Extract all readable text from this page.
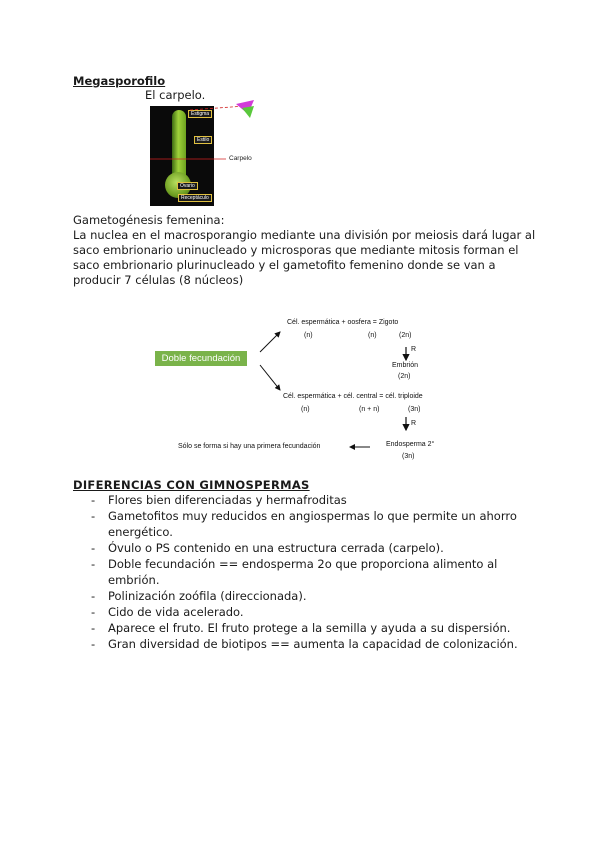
Megasporofilo
El carpelo.
Estigma
Estilo
Ovario
Receptáculo
Carpelo
Gametogénesis femenina:
La nuclea en el macrosporangio mediante una división por meiosis dará lugar al
saco embrionario uninucleado y microsporas que mediante mitosis forman el
saco embrionario plurinucleado y el gametofito femenino donde se van a
producir 7 células (8 núcleos)
Doble fecundación
Cél. espermática + oosfera = Zigoto
(n)	(n)	(2n)
R
Embrión
(2n)
Cél. espermática + cél. central = cél. triploide
(n)	(n + n)	(3n)
R
Endosperma 2°
(3n)
Sólo se forma si hay una primera fecundación
DIFERENCIAS CON GIMNOSPERMAS
- Flores bien diferenciadas y hermafroditas
- Gametofitos muy reducidos en angiospermas lo que permite un ahorro
energético.
- Óvulo o PS contenido en una estructura cerrada (carpelo).
- Doble fecundación == endosperma 2o que proporciona alimento al
embrión.
- Polinización zoófila (direccionada).
- Cido de vida acelerado.
- Aparece el fruto. El fruto protege a la semilla y ayuda a su dispersión.
- Gran diversidad de biotipos == aumenta la capacidad de colonización.
